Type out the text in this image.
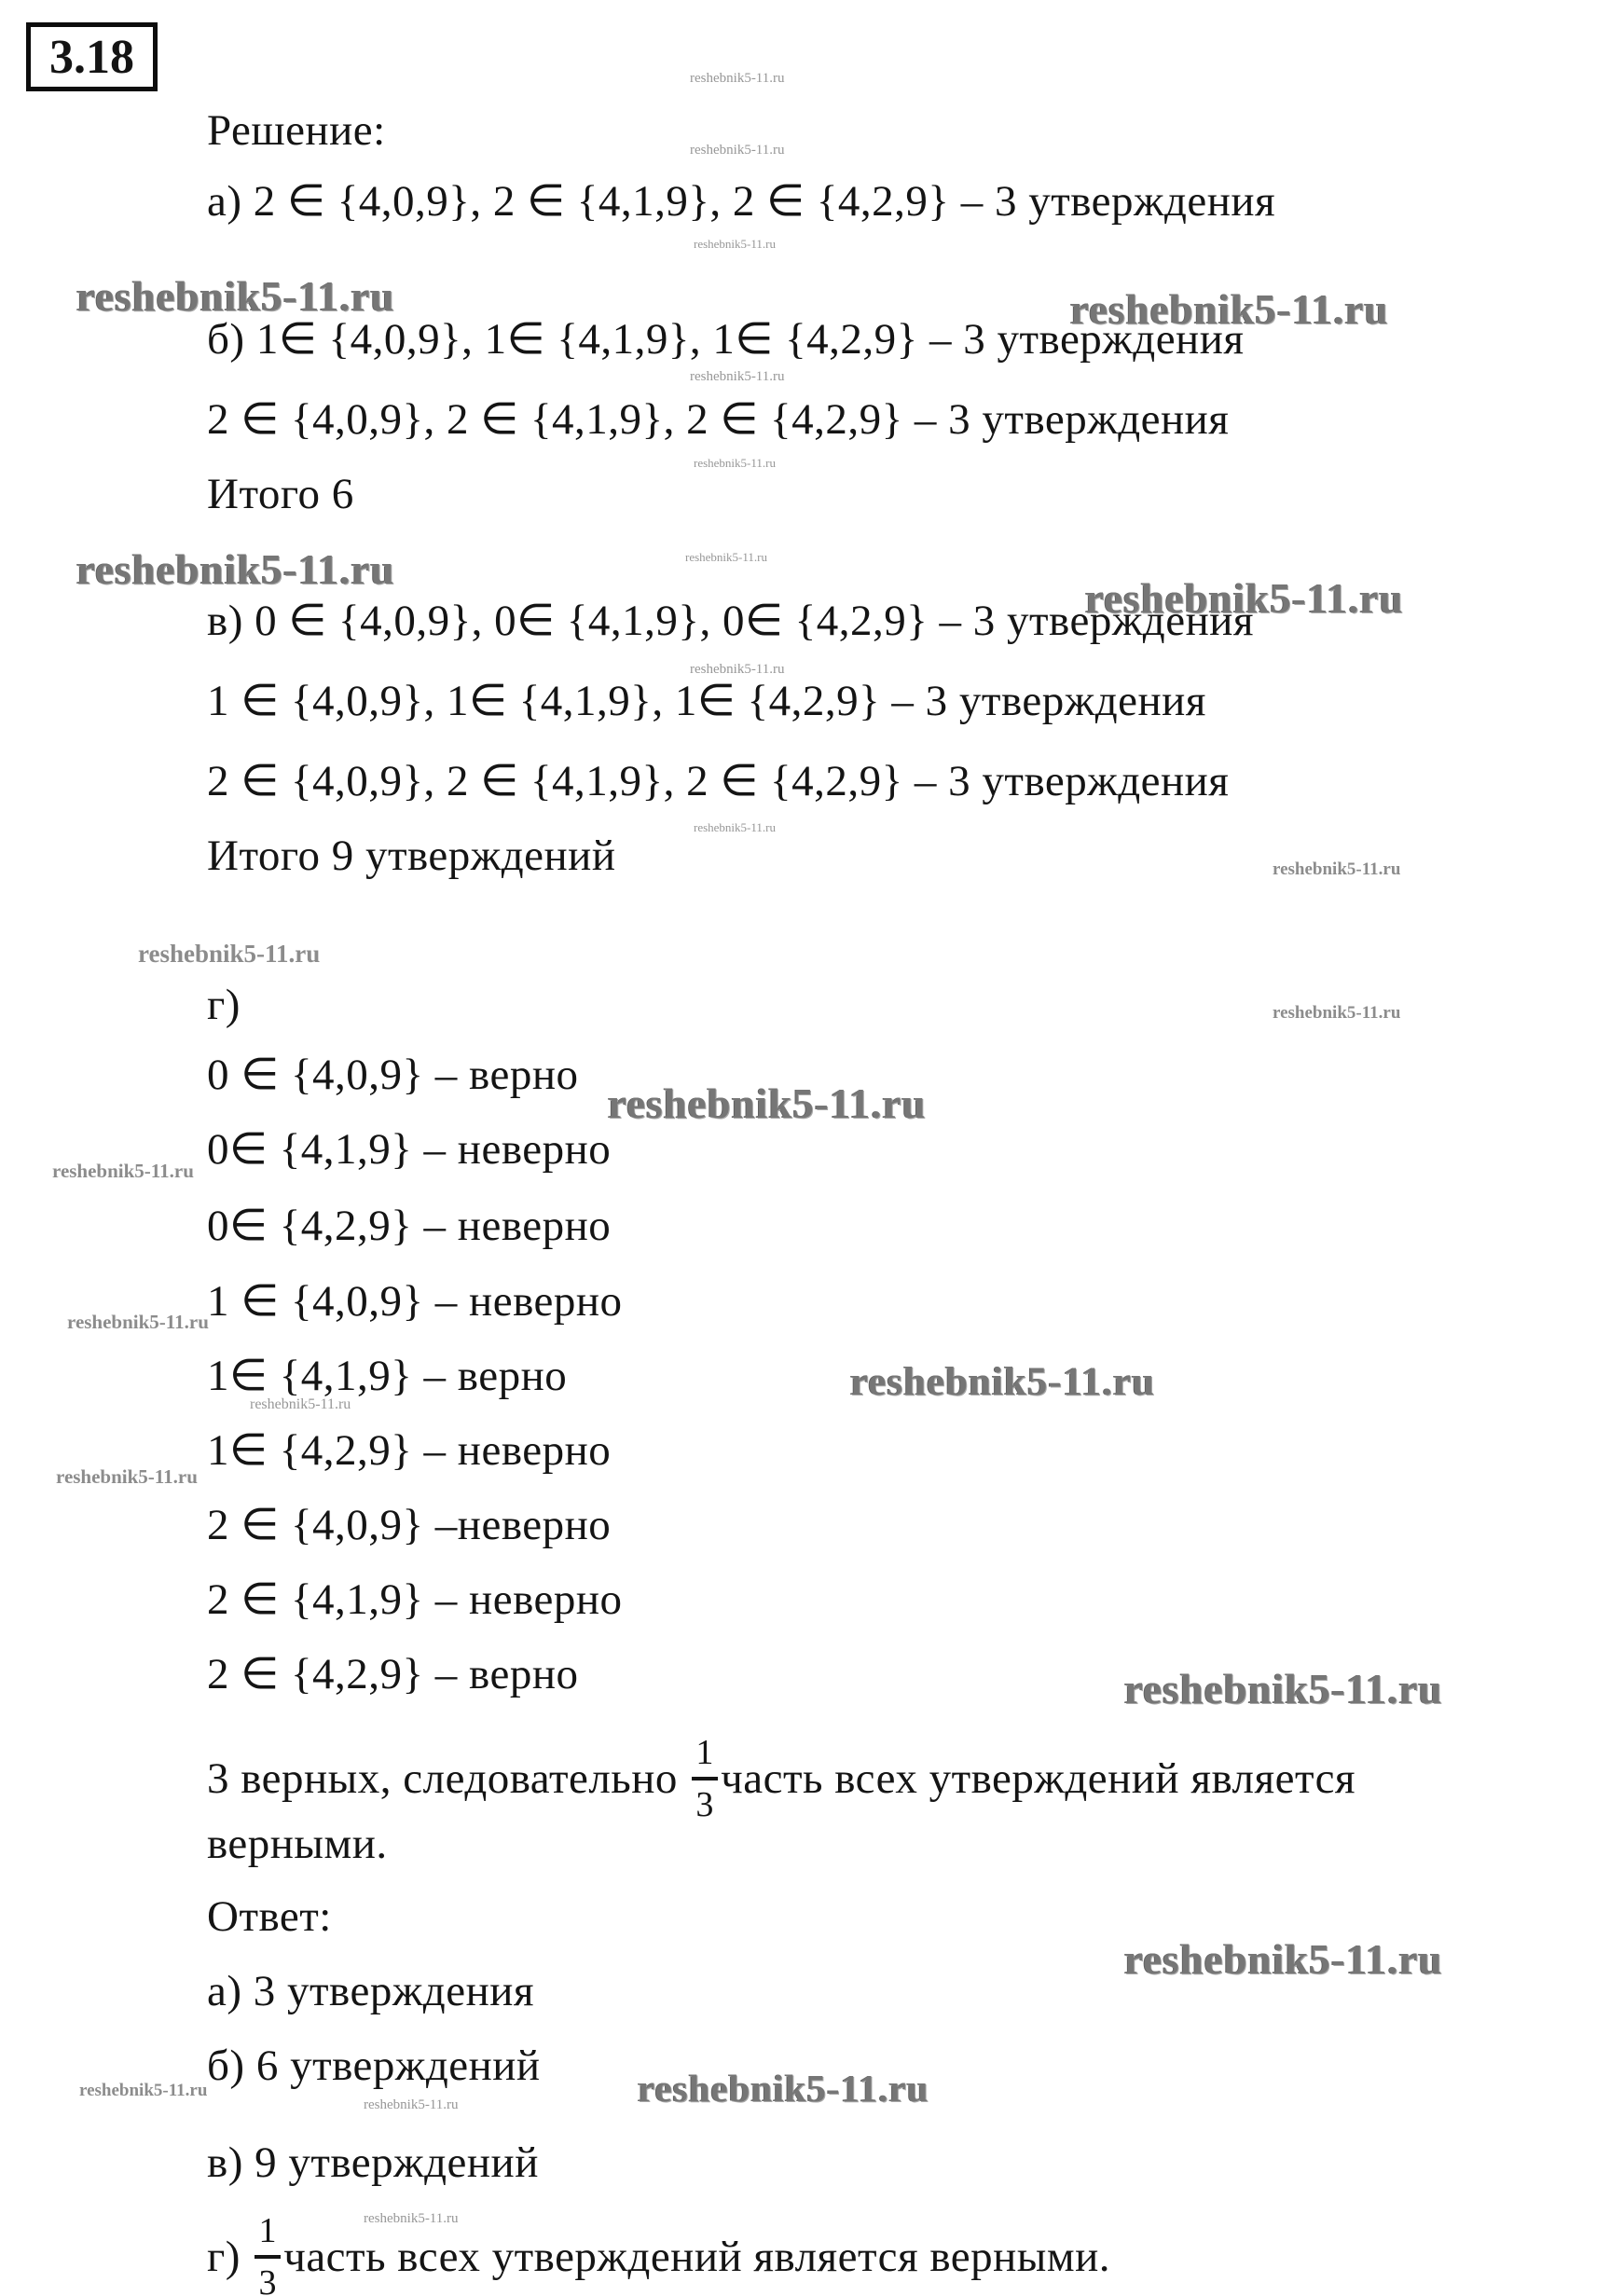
3.18	reshebnik5-11.ru
reshebnik5-11.ru
reshebnik5-11.ru
reshebnik5-11.ru
reshebnik5-11.ru
reshebnik5-11.ru
reshebnik5-11.ru
reshebnik5-11.ru
reshebnik5-11.ru
reshebnik5-11.ru
reshebnik5-11.ru
reshebnik5-11.ru
reshebnik5-11.ru
reshebnik5-11.ru
reshebnik5-11.ru
reshebnik5-11.ru
reshebnik5-11.ru
reshebnik5-11.ru
reshebnik5-11.ru	reshebnik5-11.ru
reshebnik5-11.ru
reshebnik5-11.ru
reshebnik5-11.ru
reshebnik5-11.ru
reshebnik5-11.ru
reshebnik5-11.ru
reshebnik5-11.ru
Решение:
а) 2 ∈ {4,0,9}, 2 ∈ {4,1,9}, 2 ∈ {4,2,9} – 3 утверждения
б) 1∈ {4,0,9}, 1∈ {4,1,9}, 1∈ {4,2,9} – 3 утверждения
2 ∈ {4,0,9}, 2 ∈ {4,1,9}, 2 ∈ {4,2,9} – 3 утверждения
Итого 6
в) 0 ∈ {4,0,9}, 0∈ {4,1,9}, 0∈ {4,2,9} – 3 утверждения
1 ∈ {4,0,9}, 1∈ {4,1,9}, 1∈ {4,2,9} – 3 утверждения
2 ∈ {4,0,9}, 2 ∈ {4,1,9}, 2 ∈ {4,2,9} – 3 утверждения
Итого 9 утверждений
г)
0 ∈ {4,0,9} – верно
0∈ {4,1,9} – неверно
0∈ {4,2,9} – неверно
1 ∈ {4,0,9} – неверно
1∈ {4,1,9} – верно
1∈ {4,2,9} – неверно
2 ∈ {4,0,9} –неверно
2 ∈ {4,1,9} – неверно
2 ∈ {4,2,9} – верно
3 верных, следовательно $\frac{1}{3}$ часть всех утверждений является
верными.
Ответ:
а) 3 утверждения
б) 6 утверждений
в) 9 утверждений
$г) \frac{1}{3}$ часть всех утверждений является верными.
